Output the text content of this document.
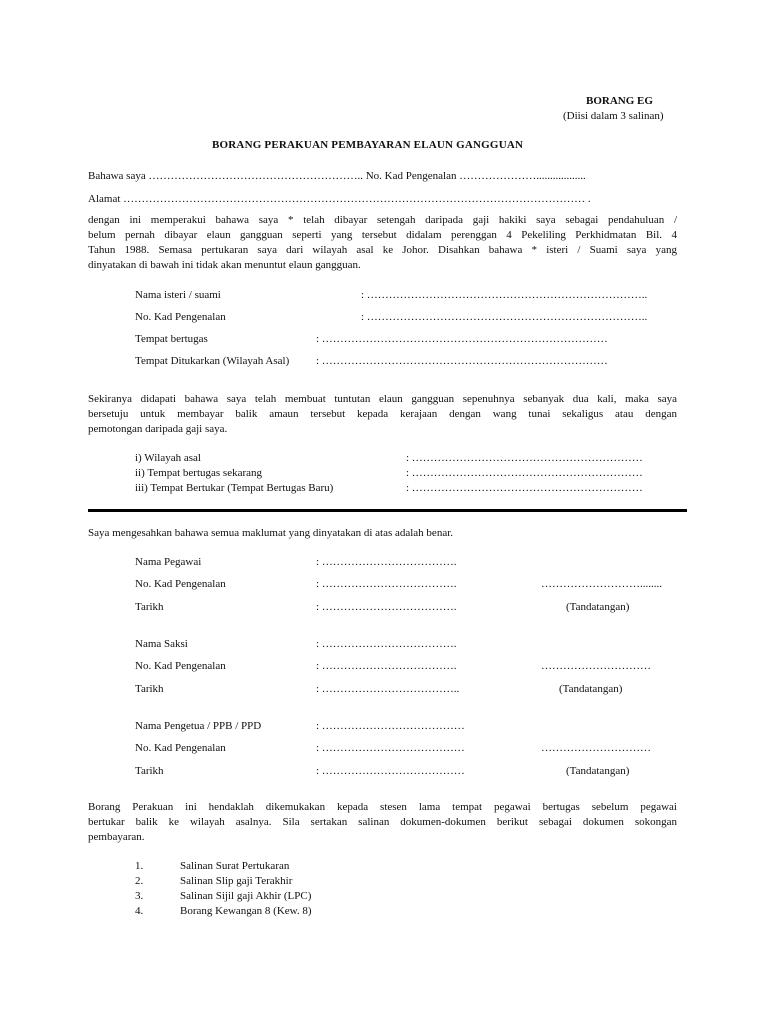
BORANG EG
(Diisi dalam 3 salinan)
BORANG PERAKUAN PEMBAYARAN ELAUN GANGGUAN
Bahawa saya ………………………………………………….. No. Kad Pengenalan …………………..................
Alamat ……………………………………………………………………………………………………………… .
dengan ini memperakui bahawa saya * telah dibayar setengah daripada gaji hakiki saya sebagai pendahuluan /
belum pernah dibayar elaun gangguan seperti yang tersebut didalam perenggan 4 Pekeliling Perkhidmatan Bil. 4
Tahun 1988. Semasa pertukaran saya dari wilayah asal ke Johor. Disahkan bahawa * isteri / Suami saya yang
dinyatakan di bawah ini tidak akan menuntut elaun gangguan.
Nama isteri / suami	: …………………………………………………………………..
No. Kad Pengenalan	: …………………………………………………………………..
Tempat bertugas	: ……………………………………………………………………
Tempat Ditukarkan (Wilayah Asal) : ……………………………………………………………………
Sekiranya didapati bahawa saya telah membuat tuntutan elaun gangguan sepenuhnya sebanyak dua kali, maka saya
bersetuju untuk membayar balik amaun tersebut kepada kerajaan dengan wang tunai sekaligus atau dengan
pemotongan daripada gaji saya.
i) Wilayah asal	: ………………………………………………………
ii) Tempat bertugas sekarang	: ………………………………………………………
iii) Tempat Bertukar (Tempat Bertugas Baru)	: ………………………………………………………
Saya mengesahkan bahawa semua maklumat yang dinyatakan di atas adalah benar.
Nama Pegawai	: ……………………………….
No. Kad Pengenalan	: ……………………………….	………………………........
Tarikh	: ……………………………….	(Tandatangan)
Nama Saksi	: ……………………………….
No. Kad Pengenalan	: ……………………………….	…………………………
Tarikh	: ………………………………..	(Tandatangan)
Nama Pengetua / PPB / PPD	: …………………………………
No. Kad Pengenalan	: …………………………………	…………………………
Tarikh	: …………………………………	(Tandatangan)
Borang Perakuan ini hendaklah dikemukakan kepada stesen lama tempat pegawai bertugas sebelum pegawai
bertukar balik ke wilayah asalnya. Sila sertakan salinan dokumen-dokumen berikut sebagai dokumen sokongan
pembayaran.
1.	Salinan Surat Pertukaran
2.	Salinan Slip gaji Terakhir
3.	Salinan Sijil gaji Akhir (LPC)
4.	Borang Kewangan 8 (Kew. 8)
